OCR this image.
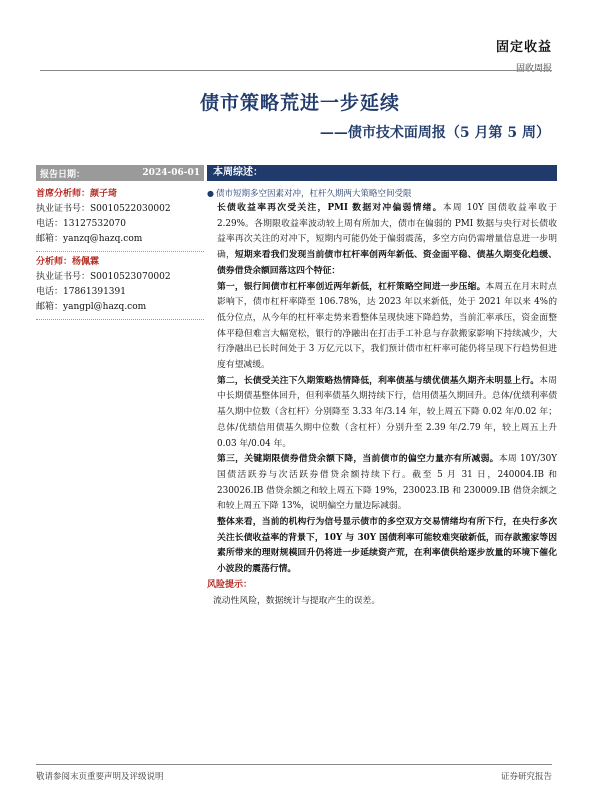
固定收益
固收周报
债市策略荒进一步延续
——债市技术面周报（5 月第 5 周）
报告日期：	2024-06-01
首席分析师：颜子琦
执业证书号：S0010522030002
电话：13127532070
邮箱：yanzq@hazq.com
分析师：杨佩霖
执业证书号：S0010523070002
电话：17861391391
邮箱：yangpl@hazq.com
本周综述：
● 债市短期多空因素对冲，杠杆久期两大策略空间受限

长债收益率再次受关注，PMI 数据对冲偏弱情绪。本周 10Y 国债收益率收于 2.29%。各期限收益率波动较上周有所加大，债市在偏弱的 PMI 数据与央行对长债收益率再次关注的对冲下，短期内可能仍处于偏弱震荡，多空方向仍需增量信息进一步明确，短期来看我们发现当前债市杠杆率创两年新低、资金面平稳、债基久期变化趋缓、债券借贷余额回落这四个特征：

第一，银行间债市杠杆率创近两年新低，杠杆策略空间进一步压缩。本周五在月末时点影响下，债市杠杆率降至 106.78%，达 2023 年以来新低，处于 2021 年以来 4%的低分位点，从今年的杠杆率走势来看整体呈现快速下降趋势，当前汇率承压，资金面整体平稳但难言大幅宽松，银行的净融出在打击手工补息与存款搬家影响下持续减少，大行净融出已长时间处于 3 万亿元以下，我们预计债市杠杆率可能仍将呈现下行趋势但进度有望减缓。

第二，长债受关注下久期策略热情降低，利率债基与绩优债基久期齐未明显上行。本周中长期债基整体回升，但利率债基久期持续下行，信用债基久期回升。总体/优绩利率债基久期中位数（含杠杆）分别降至 3.33 年/3.14 年，较上周五下降 0.02 年/0.02 年；总体/优绩信用债基久期中位数（含杠杆）分别升至 2.39 年/2.79 年，较上周五上升 0.03 年/0.04 年。

第三，关键期限债券借贷余额下降，当前债市的偏空力量亦有所减弱。本周 10Y/30Y 国债活跃券与次活跃券借贷余额持续下行。截至 5 月 31 日，240004.IB 和 230026.IB 借贷余额之和较上周五下降 19%，230023.IB 和 230009.IB 借贷余额之和较上周五下降 13%，说明偏空力量边际减弱。

整体来看，当前的机构行为信号显示债市的多空双方交易情绪均有所下行，在央行多次关注长债收益率的背景下，10Y 与 30Y 国债利率可能较难突破新低，而存款搬家等因素所带来的理财规模回升仍将进一步延续资产荒，在利率债供给逐步放量的环境下催化小波段的震荡行情。

风险提示：
流动性风险，数据统计与提取产生的误差。
敬请参阅末页重要声明及评级说明	证券研究报告
